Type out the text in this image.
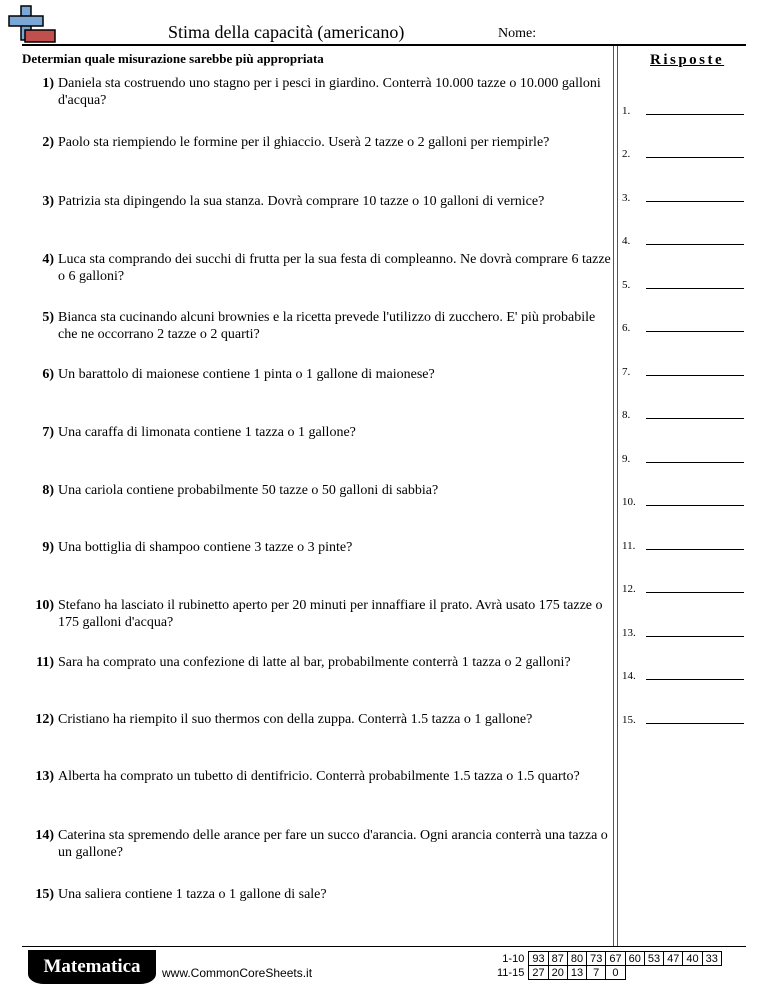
Stima della capacità (americano)	Nome:
Determian quale misurazione sarebbe più appropriata	Risposte
1) Daniela sta costruendo uno stagno per i pesci in giardino. Conterrà 10.000 tazze o 10.000 galloni d'acqua?
2) Paolo sta riempiendo le formine per il ghiaccio. Userà 2 tazze o 2 galloni per riempirle?
3) Patrizia sta dipingendo la sua stanza. Dovrà comprare 10 tazze o 10 galloni di vernice?
4) Luca sta comprando dei succhi di frutta per la sua festa di compleanno. Ne dovrà comprare 6 tazze o 6 galloni?
5) Bianca sta cucinando alcuni brownies e la ricetta prevede l'utilizzo di zucchero. E' più probabile che ne occorrano 2 tazze o 2 quarti?
6) Un barattolo di maionese contiene 1 pinta o 1 gallone di maionese?
7) Una caraffa di limonata contiene 1 tazza o 1 gallone?
8) Una cariola contiene probabilmente 50 tazze o 50 galloni di sabbia?
9) Una bottiglia di shampoo contiene 3 tazze o 3 pinte?
10) Stefano ha lasciato il rubinetto aperto per 20 minuti per innaffiare il prato. Avrà usato 175 tazze o 175 galloni d'acqua?
11) Sara ha comprato una confezione di latte al bar, probabilmente conterrà 1 tazza o 2 galloni?
12) Cristiano ha riempito il suo thermos con della zuppa. Conterrà 1.5 tazza o 1 gallone?
13) Alberta ha comprato un tubetto di dentifricio. Conterrà probabilmente 1.5 tazza o 1.5 quarto?
14) Caterina sta spremendo delle arance per fare un succo d'arancia. Ogni arancia conterrà una tazza o un gallone?
15) Una saliera contiene 1 tazza o 1 gallone di sale?
1.
2.
3.
4.
5.
6.
7.
8.
9.
10.
11.
12.
13.
14.
15.
Matematica	www.CommonCoreSheets.it
1-10	93	87	80	73	67	60	53	47	40	33
11-15	27	20	13	7	0					
